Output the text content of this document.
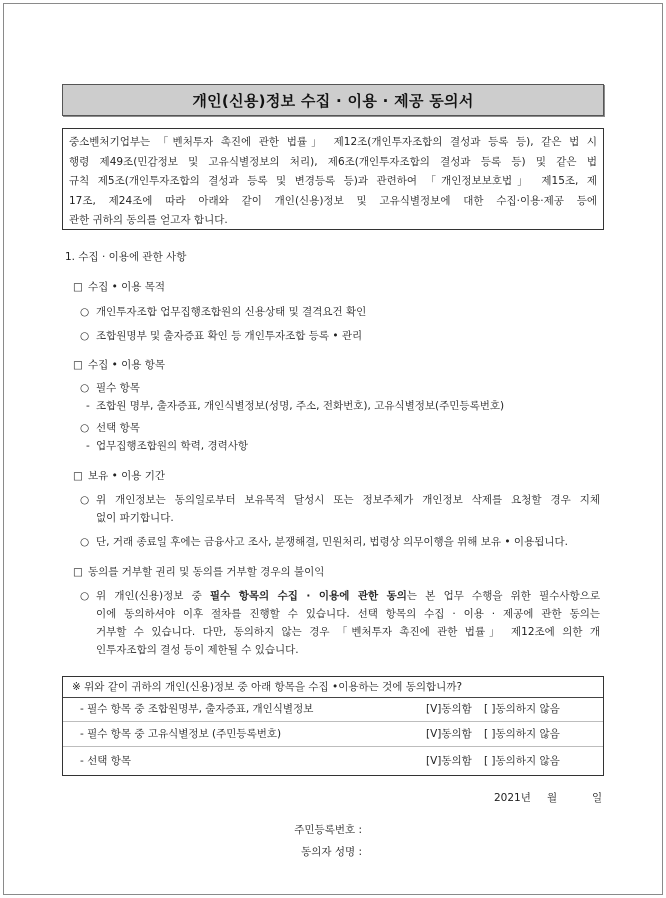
개인(신용)정보 수집 · 이용 · 제공 동의서
중소벤처기업부는 「벤처투자 촉진에 관한 법률」 제12조(개인투자조합의 결성과 등록 등), 같은 법 시
행령 제49조(민감정보 및 고유식별정보의 처리), 제6조(개인투자조합의 결성과 등록 등) 및 같은 법
규칙 제5조(개인투자조합의 결성과 등록 및 변경등록 등)과 관련하여 「개인정보보호법」 제15조, 제
17조, 제24조에 따라 아래와 같이 개인(신용)정보 및 고유식별정보에 대한 수집·이용·제공 등에
관한 귀하의 동의를 얻고자 합니다.
1. 수집 · 이용에 관한 사항
□ 수집 • 이용 목적
○ 개인투자조합 업무집행조합원의 신용상태 및 결격요건 확인
○ 조합원명부 및 출자증표 확인 등 개인투자조합 등록 • 관리
□ 수집 • 이용 항목
○ 필수 항목
- 조합원 명부, 출자증표, 개인식별정보(성명, 주소, 전화번호), 고유식별정보(주민등록번호)
○ 선택 항목
- 업무집행조합원의 학력, 경력사항
□ 보유 • 이용 기간
○ 위 개인정보는 동의일로부터 보유목적 달성시 또는 정보주체가 개인정보 삭제를 요청할 경우 지체
없이 파기합니다.
○ 단, 거래 종료일 후에는 금융사고 조사, 분쟁해결, 민원처리, 법령상 의무이행을 위해 보유 • 이용됩니다.
□ 동의를 거부할 권리 및 동의를 거부할 경우의 불이익
○ 위 개인(신용)정보 중 필수 항목의 수집 · 이용에 관한 동의는 본 업무 수행을 위한 필수사항으로
이에 동의하셔야 이후 절차를 진행할 수 있습니다. 선택 항목의 수집 · 이용 · 제공에 관한 동의는
거부할 수 있습니다. 다만, 동의하지 않는 경우 「벤처투자 촉진에 관한 법률」 제12조에 의한 개
인투자조합의 결성 등이 제한될 수 있습니다.
※ 위와 같이 귀하의 개인(신용)정보 중 아래 항목을 수집 •이용하는 것에 동의합니까?
- 필수 항목 중 조합원명부, 출자증표, 개인식별정보	[V]동의함 [ ]동의하지 않음
- 필수 항목 중 고유식별정보 (주민등록번호)	[V]동의함 [ ]동의하지 않음
- 선택 항목	[V]동의함 [ ]동의하지 않음
2021년 월	일
주민등록번호 :
동의자 성명 :
